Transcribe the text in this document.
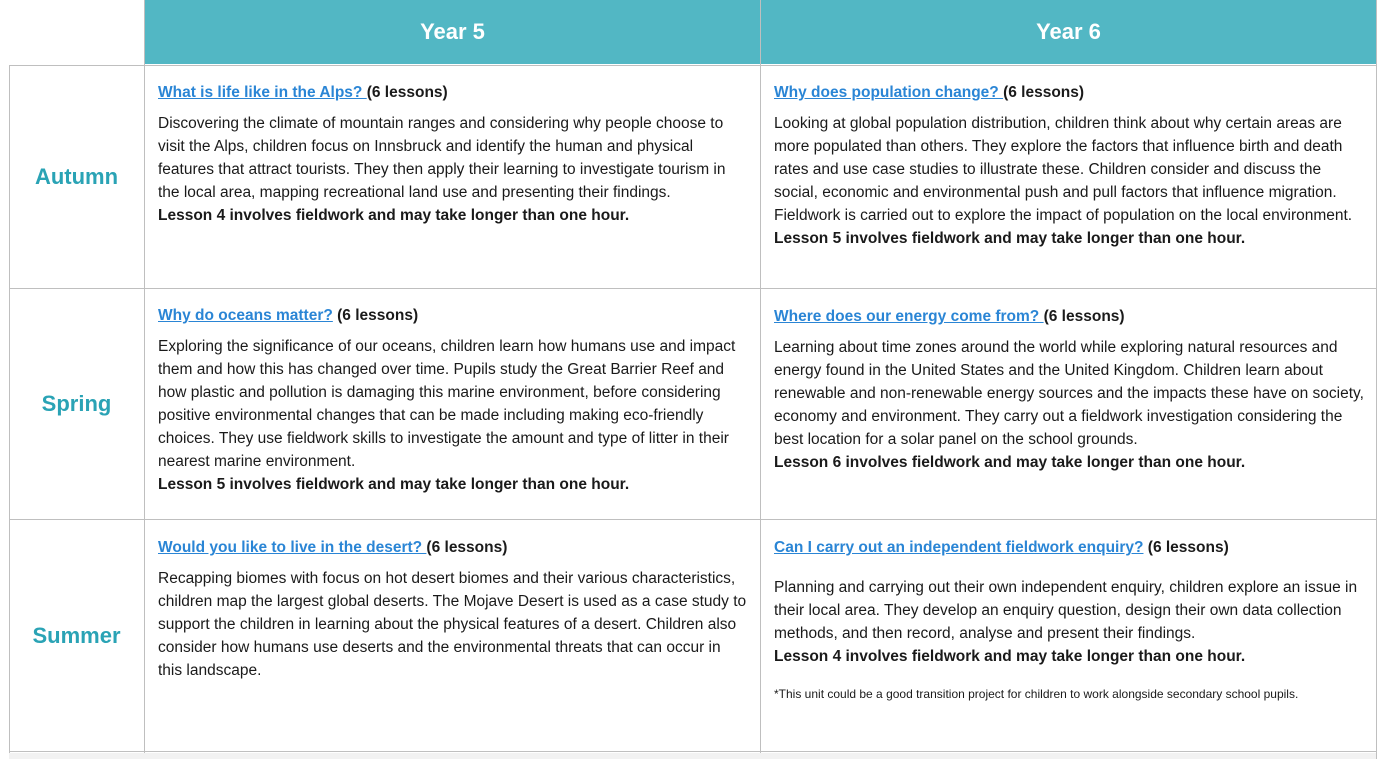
Year 5	Year 6
Autumn
Spring
Summer

What is life like in the Alps? (6 lessons)

Discovering the climate of mountain ranges and considering why people choose to visit the Alps, children focus on Innsbruck and identify the human and physical features that attract tourists. They then apply their learning to investigate tourism in the local area, mapping recreational land use and presenting their findings.

Lesson 4 involves fieldwork and may take longer than one hour.

Why does population change? (6 lessons)

Looking at global population distribution, children think about why certain areas are more populated than others. They explore the factors that influence birth and death rates and use case studies to illustrate these. Children consider and discuss the social, economic and environmental push and pull factors that influence migration. Fieldwork is carried out to explore the impact of population on the local environment.

Lesson 5 involves fieldwork and may take longer than one hour.

Why do oceans matter? (6 lessons)

Exploring the significance of our oceans, children learn how humans use and impact them and how this has changed over time. Pupils study the Great Barrier Reef and how plastic and pollution is damaging this marine environment, before considering positive environmental changes that can be made including making eco-friendly choices. They use fieldwork skills to investigate the amount and type of litter in their nearest marine environment.

Lesson 5 involves fieldwork and may take longer than one hour.

Where does our energy come from? (6 lessons)

Learning about time zones around the world while exploring natural resources and energy found in the United States and the United Kingdom. Children learn about renewable and non-renewable energy sources and the impacts these have on society, economy and environment. They carry out a fieldwork investigation considering the best location for a solar panel on the school grounds.

Lesson 6 involves fieldwork and may take longer than one hour.

Would you like to live in the desert? (6 lessons)

Recapping biomes with focus on hot desert biomes and their various characteristics, children map the largest global deserts. The Mojave Desert is used as a case study to support the children in learning about the physical features of a desert. Children also consider how humans use deserts and the environmental threats that can occur in this landscape.

Can I carry out an independent fieldwork enquiry? (6 lessons)

Planning and carrying out their own independent enquiry, children explore an issue in their local area. They develop an enquiry question, design their own data collection methods, and then record, analyse and present their findings.

Lesson 4 involves fieldwork and may take longer than one hour.

*This unit could be a good transition project for children to work alongside secondary school pupils.
